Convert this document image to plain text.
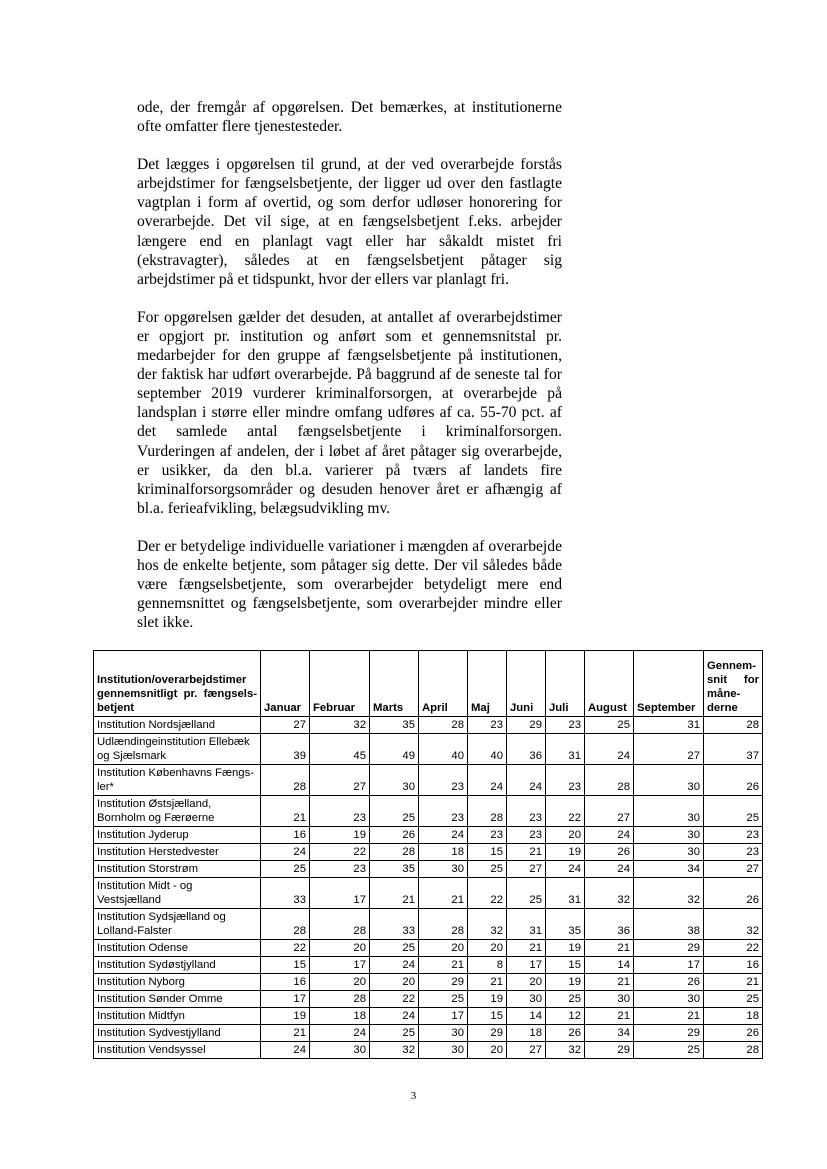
ode, der fremgår af opgørelsen. Det bemærkes, at institutionerne ofte omfatter flere tjenestesteder.

Det lægges i opgørelsen til grund, at der ved overarbejde forstås arbejdstimer for fængselsbetjente, der ligger ud over den fastlagte vagtplan i form af overtid, og som derfor udløser honorering for overarbejde. Det vil sige, at en fængselsbetjent f.eks. arbejder længere end en planlagt vagt eller har såkaldt mistet fri (ekstravagter), således at en fængselsbetjent påtager sig arbejdstimer på et tidspunkt, hvor der ellers var planlagt fri.

For opgørelsen gælder det desuden, at antallet af overarbejdstimer er opgjort pr. institution og anført som et gennemsnitstal pr. medarbejder for den gruppe af fængselsbetjente på institutionen, der faktisk har udført overarbejde. På baggrund af de seneste tal for september 2019 vurderer kriminalforsorgen, at overarbejde på landsplan i større eller mindre omfang udføres af ca. 55-70 pct. af det samlede antal fængselsbetjente i kriminalforsorgen. Vurderingen af andelen, der i løbet af året påtager sig overarbejde, er usikker, da den bl.a. varierer på tværs af landets fire kriminalforsorgsområder og desuden henover året er afhængig af bl.a. ferieafvikling, belægsudvikling mv.

Der er betydelige individuelle variationer i mængden af overarbejde hos de enkelte betjente, som påtager sig dette. Der vil således både være fængselsbetjente, som overarbejder betydeligt mere end gennemsnittet og fængselsbetjente, som overarbejder mindre eller slet ikke.

Institution/overarbejdstimer gennemsnitligt pr. fængsels-betjent	Januar	Februar	Marts	April	Maj	Juni	Juli	August	September	Gennem-snit for måne-derne
Institution Nordsjælland	27	32	35	28	23	29	23	25	31	28
Udlændingeinstitution Ellebæk og Sjælsmark	39	45	49	40	40	36	31	24	27	37
Institution Københavns Fængs-ler*	28	27	30	23	24	24	23	28	30	26
Institution Østsjælland, Bornholm og Færøerne	21	23	25	23	28	23	22	27	30	25
Institution Jyderup	16	19	26	24	23	23	20	24	30	23
Institution Herstedvester	24	22	28	18	15	21	19	26	30	23
Institution Storstrøm	25	23	35	30	25	27	24	24	34	27
Institution Midt - og Vestsjælland	33	17	21	21	22	25	31	32	32	26
Institution Sydsjælland og Lolland-Falster	28	28	33	28	32	31	35	36	38	32
Institution Odense	22	20	25	20	20	21	19	21	29	22
Institution Sydøstjylland	15	17	24	21	8	17	15	14	17	16
Institution Nyborg	16	20	20	29	21	20	19	21	26	21
Institution Sønder Omme	17	28	22	25	19	30	25	30	30	25
Institution Midtfyn	19	18	24	17	15	14	12	21	21	18
Institution Sydvestjylland	21	24	25	30	29	18	26	34	29	26
Institution Vendsyssel	24	30	32	30	20	27	32	29	25	28
3
